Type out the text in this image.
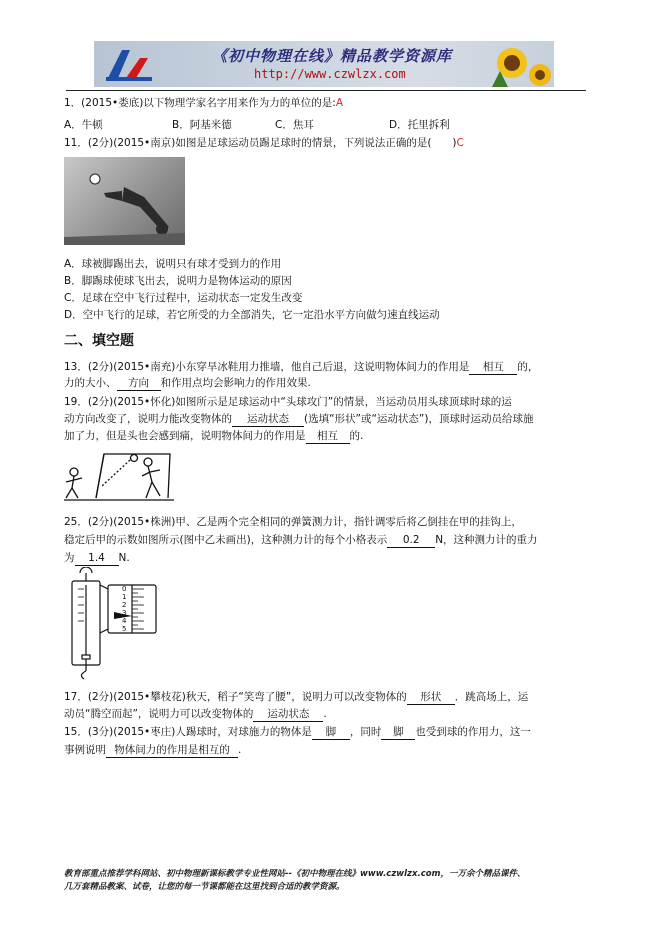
《初中物理在线》精品教学资源库
http://www.czwlzx.com
1．(2015•娄底)以下物理学家名字用来作为力的单位的是:A
A．牛顿	B．阿基米德	C．焦耳	D．托里拆利
11．(2分)(2015•南京)如图是足球运动员踢足球时的情景，下列说法正确的是(　　)C
A．球被脚踢出去，说明只有球才受到力的作用
B．脚踢球使球飞出去，说明力是物体运动的原因
C．足球在空中飞行过程中，运动状态一定发生改变
D．空中飞行的足球，若它所受的力全部消失，它一定沿水平方向做匀速直线运动
二、填空题
13．(2分)(2015•南充)小东穿旱冰鞋用力推墙，他自己后退，这说明物体间力的作用是 相互 的，
力的大小、 方向 和作用点均会影响力的作用效果.
19．(2分)(2015•怀化)如图所示是足球运动中“头球攻门”的情景，当运动员用头球顶球时球的运
动方向改变了，说明力能改变物体的 运动状态 (选填“形状”或“运动状态”)，顶球时运动员给球施
加了力，但是头也会感到痛，说明物体间力的作用是 相互 的.
25．(2分)(2015•株洲)甲、乙是两个完全相同的弹簧测力计，指针调零后将乙倒挂在甲的挂钩上，
稳定后甲的示数如图所示(图中乙未画出)，这种测力计的每个小格表示 0.2 N，这种测力计的重力
为 1.4 N.
0
1
2
3
4
5
17．(2分)(2015•攀枝花)秋天，稻子“笑弯了腰”，说明力可以改变物体的 形状 ．跳高场上，运
动员“腾空而起”，说明力可以改变物体的 运动状态 .
15．(3分)(2015•枣庄)人踢球时，对球施力的物体是 脚 ，同时 脚 也受到球的作用力，这一
事例说明 物体间力的作用是相互的 .
教育部重点推荐学科网站、初中物理新课标教学专业性网站--《初中物理在线》www.czwlzx.com，一万余个精品课件、
几万套精品教案、试卷，让您的每一节课都能在这里找到合适的教学资源。
